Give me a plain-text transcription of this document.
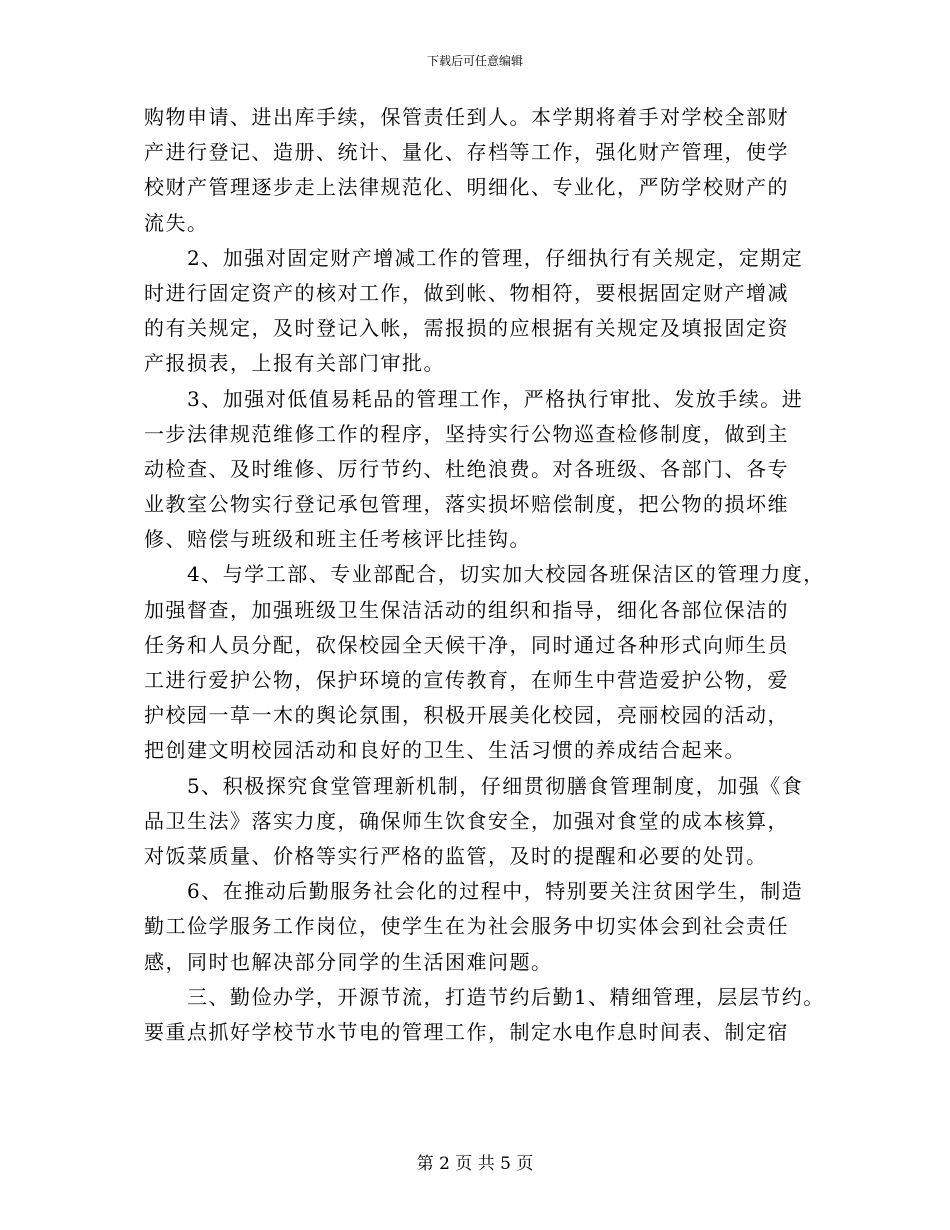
下载后可任意编辑
购物申请、进出库手续，保管责任到人。本学期将着手对学校全部财
产进行登记、造册、统计、量化、存档等工作，强化财产管理，使学
校财产管理逐步走上法律规范化、明细化、专业化，严防学校财产的
流失。
　　2、加强对固定财产增减工作的管理，仔细执行有关规定，定期定
时进行固定资产的核对工作，做到帐、物相符，要根据固定财产增减
的有关规定，及时登记入帐，需报损的应根据有关规定及填报固定资
产报损表，上报有关部门审批。
　　3、加强对低值易耗品的管理工作，严格执行审批、发放手续。进
一步法律规范维修工作的程序，坚持实行公物巡查检修制度，做到主
动检查、及时维修、厉行节约、杜绝浪费。对各班级、各部门、各专
业教室公物实行登记承包管理，落实损坏赔偿制度，把公物的损坏维
修、赔偿与班级和班主任考核评比挂钩。
　　4、与学工部、专业部配合，切实加大校园各班保洁区的管理力度，
加强督查，加强班级卫生保洁活动的组织和指导，细化各部位保洁的
任务和人员分配，砍保校园全天候干净，同时通过各种形式向师生员
工进行爱护公物，保护环境的宣传教育，在师生中营造爱护公物，爱
护校园一草一木的舆论氛围，积极开展美化校园，亮丽校园的活动，
把创建文明校园活动和良好的卫生、生活习惯的养成结合起来。
　　5、积极探究食堂管理新机制，仔细贯彻膳食管理制度，加强《食
品卫生法》落实力度，确保师生饮食安全，加强对食堂的成本核算，
对饭菜质量、价格等实行严格的监管，及时的提醒和必要的处罚。
　　6、在推动后勤服务社会化的过程中，特别要关注贫困学生，制造
勤工俭学服务工作岗位，使学生在为社会服务中切实体会到社会责任
感，同时也解决部分同学的生活困难问题。
　　三、勤俭办学，开源节流，打造节约后勤1、精细管理，层层节约。
要重点抓好学校节水节电的管理工作，制定水电作息时间表、制定宿
第 2 页 共 5 页
